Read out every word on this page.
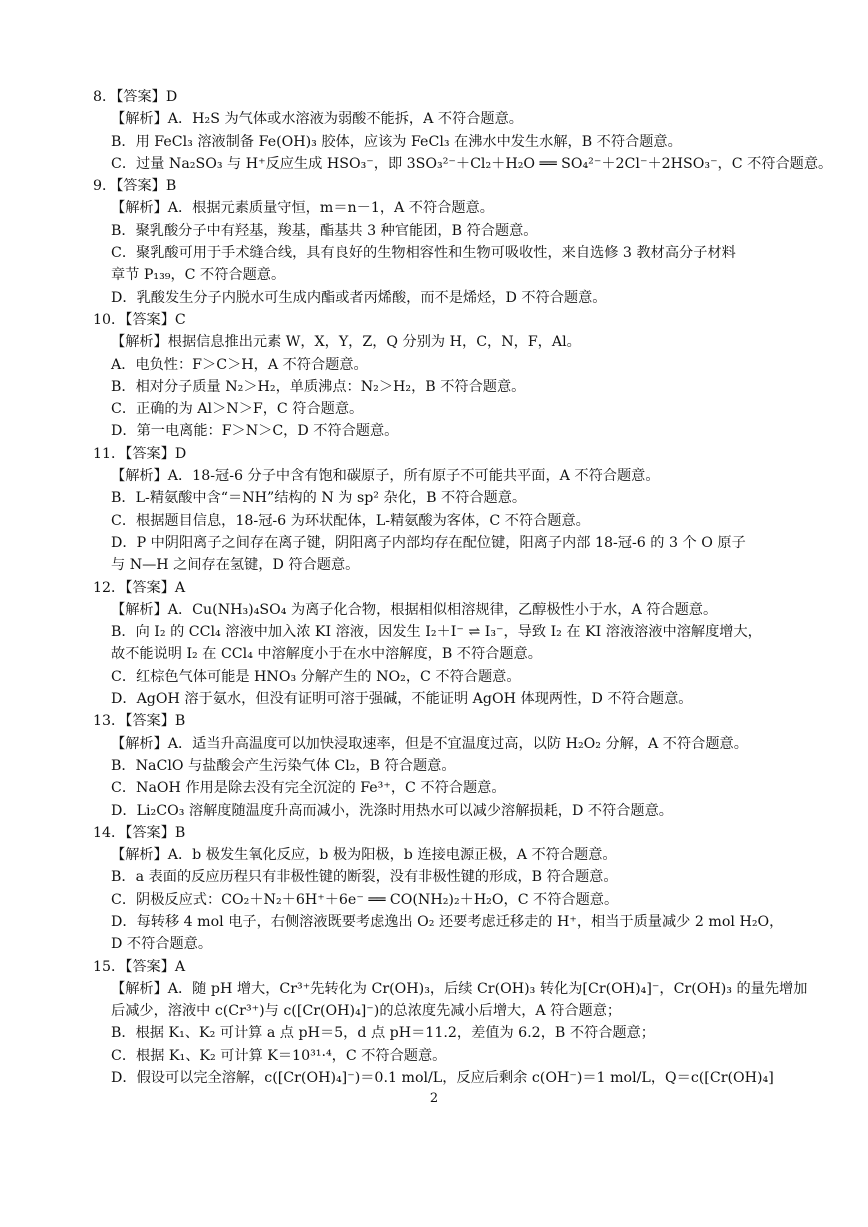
8．【答案】D
【解析】A．H₂S 为气体或水溶液为弱酸不能拆，A 不符合题意。
B．用 FeCl₃ 溶液制备 Fe(OH)₃ 胶体，应该为 FeCl₃ 在沸水中发生水解，B 不符合题意。
C．过量 Na₂SO₃ 与 H⁺反应生成 HSO₃⁻，即 3SO₃²⁻＋Cl₂＋H₂O ══ SO₄²⁻＋2Cl⁻＋2HSO₃⁻，C 不符合题意。
9．【答案】B
【解析】A．根据元素质量守恒，m＝n－1，A 不符合题意。
B．聚乳酸分子中有羟基，羧基，酯基共 3 种官能团，B 符合题意。
C．聚乳酸可用于手术缝合线，具有良好的生物相容性和生物可吸收性，来自选修 3 教材高分子材料
章节 P₁₃₉，C 不符合题意。
D．乳酸发生分子内脱水可生成内酯或者丙烯酸，而不是烯烃，D 不符合题意。
10．【答案】C
【解析】根据信息推出元素 W，X，Y，Z，Q 分别为 H，C，N，F，Al。
A．电负性：F＞C＞H，A 不符合题意。
B．相对分子质量 N₂＞H₂，单质沸点：N₂＞H₂，B 不符合题意。
C．正确的为 Al＞N＞F，C 符合题意。
D．第一电离能：F＞N＞C，D 不符合题意。
11．【答案】D
【解析】A．18-冠-6 分子中含有饱和碳原子，所有原子不可能共平面，A 不符合题意。
B．L-精氨酸中含“＝NH”结构的 N 为 sp² 杂化，B 不符合题意。
C．根据题目信息，18-冠-6 为环状配体，L-精氨酸为客体，C 不符合题意。
D．P 中阴阳离子之间存在离子键，阴阳离子内部均存在配位键，阳离子内部 18-冠-6 的 3 个 O 原子
与 N—H 之间存在氢键，D 符合题意。
12．【答案】A
【解析】A．Cu(NH₃)₄SO₄ 为离子化合物，根据相似相溶规律，乙醇极性小于水，A 符合题意。
B．向 I₂ 的 CCl₄ 溶液中加入浓 KI 溶液，因发生 I₂＋I⁻ ⇌ I₃⁻，导致 I₂ 在 KI 溶液溶液中溶解度增大，
故不能说明 I₂ 在 CCl₄ 中溶解度小于在水中溶解度，B 不符合题意。
C．红棕色气体可能是 HNO₃ 分解产生的 NO₂，C 不符合题意。
D．AgOH 溶于氨水，但没有证明可溶于强碱，不能证明 AgOH 体现两性，D 不符合题意。
13．【答案】B
【解析】A．适当升高温度可以加快浸取速率，但是不宜温度过高，以防 H₂O₂ 分解，A 不符合题意。
B．NaClO 与盐酸会产生污染气体 Cl₂，B 符合题意。
C．NaOH 作用是除去没有完全沉淀的 Fe³⁺，C 不符合题意。
D．Li₂CO₃ 溶解度随温度升高而减小，洗涤时用热水可以减少溶解损耗，D 不符合题意。
14．【答案】B
【解析】A．b 极发生氧化反应，b 极为阳极，b 连接电源正极，A 不符合题意。
B．a 表面的反应历程只有非极性键的断裂，没有非极性键的形成，B 符合题意。
C．阴极反应式：CO₂＋N₂＋6H⁺＋6e⁻ ══ CO(NH₂)₂＋H₂O，C 不符合题意。
D．每转移 4 mol 电子，右侧溶液既要考虑逸出 O₂ 还要考虑迁移走的 H⁺，相当于质量减少 2 mol H₂O，
D 不符合题意。
15．【答案】A
【解析】A．随 pH 增大，Cr³⁺先转化为 Cr(OH)₃，后续 Cr(OH)₃ 转化为[Cr(OH)₄]⁻，Cr(OH)₃ 的量先增加
后减少，溶液中 c(Cr³⁺)与 c([Cr(OH)₄]⁻)的总浓度先减小后增大，A 符合题意；
B．根据 K₁、K₂ 可计算 a 点 pH＝5，d 点 pH＝11.2，差值为 6.2，B 不符合题意；
C．根据 K₁、K₂ 可计算 K＝10³¹·⁴，C 不符合题意。
D．假设可以完全溶解，c([Cr(OH)₄]⁻)＝0.1 mol/L，反应后剩余 c(OH⁻)＝1 mol/L，Q＝c([Cr(OH)₄]
2
